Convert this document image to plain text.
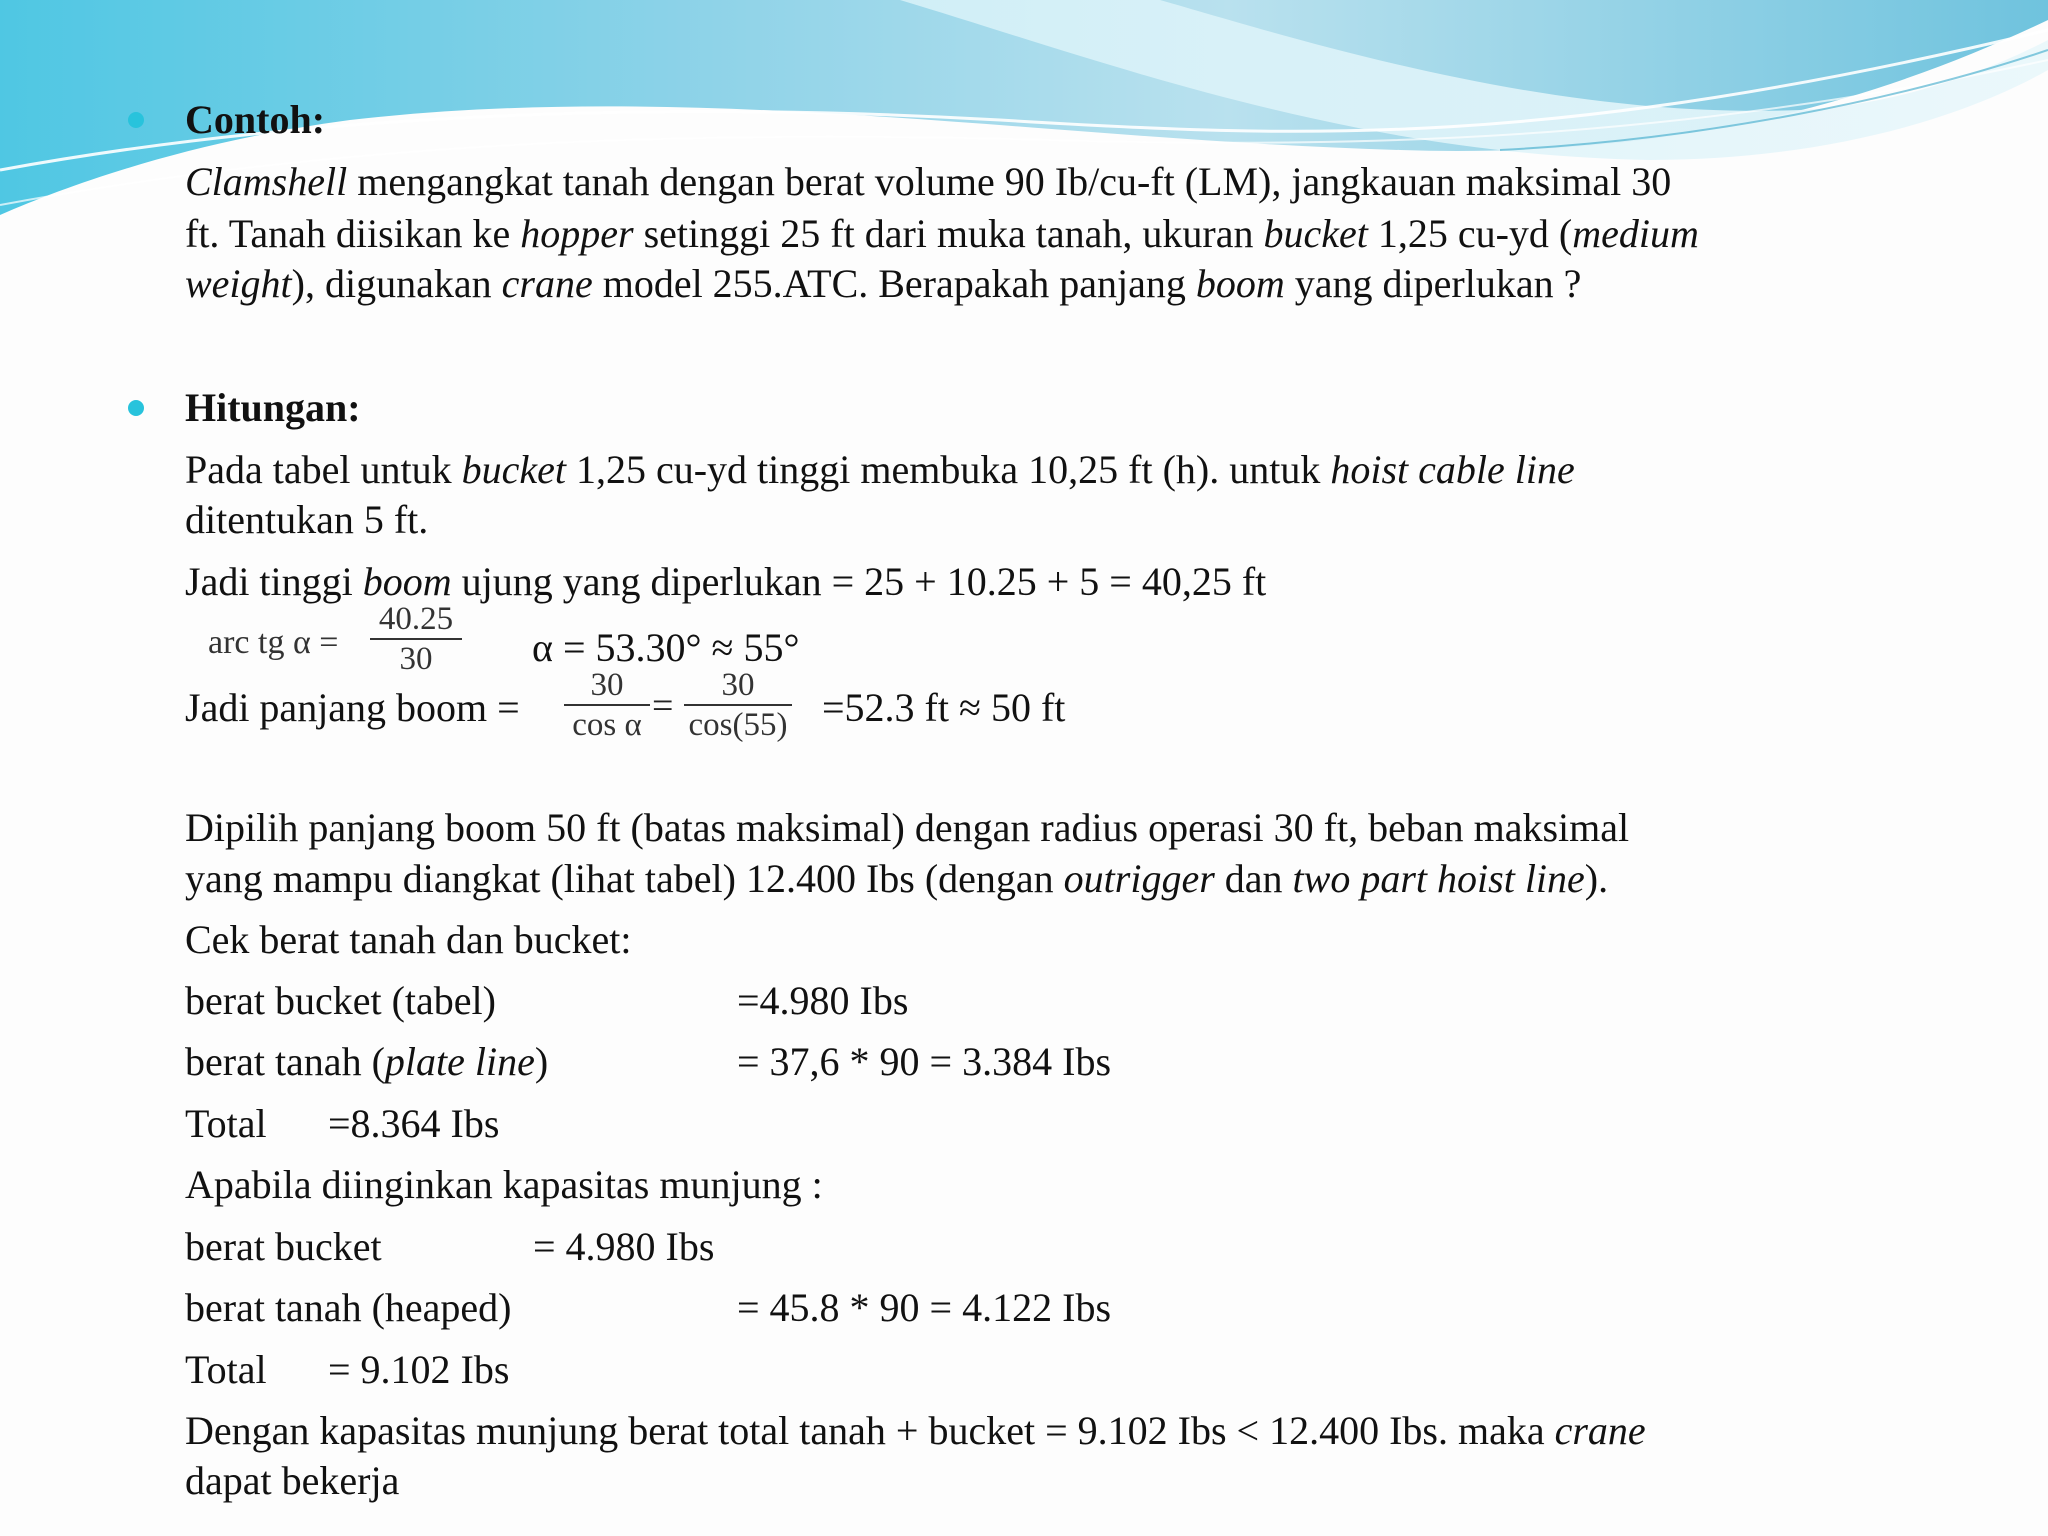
Contoh:
Clamshell mengangkat tanah dengan berat volume 90 Ib/cu-ft (LM), jangkauan maksimal 30
ft. Tanah diisikan ke hopper setinggi 25 ft dari muka tanah, ukuran bucket 1,25 cu-yd (medium
weight), digunakan crane model 255.ATC. Berapakah panjang boom yang diperlukan ?
Hitungan:
Pada tabel untuk bucket 1,25 cu-yd tinggi membuka 10,25 ft (h). untuk hoist cable line
ditentukan 5 ft.
Jadi tinggi boom ujung yang diperlukan = 25 + 10.25 + 5 = 40,25 ft
arc tg $\alpha = \frac{40.25}{30}$ α = 53.30° ≈ 55°
Jadi panjang boom = $\frac{30}{\text{cos α}} = \frac{30}{\cos(55)} =52.3$ ft ≈ 50 ft
Dipilih panjang boom 50 ft (batas maksimal) dengan radius operasi 30 ft, beban maksimal
yang mampu diangkat (lihat tabel) 12.400 Ibs (dengan outrigger dan two part hoist line).
Cek berat tanah dan bucket:
berat bucket (tabel)	=4.980 Ibs
berat tanah (plate line)	= 37,6 * 90 = 3.384 Ibs
Total =8.364 Ibs
Apabila diinginkan kapasitas munjung :
berat bucket	= 4.980 Ibs
berat tanah (heaped)	= 45.8 * 90 = 4.122 Ibs
Total = 9.102 Ibs
Dengan kapasitas munjung berat total tanah + bucket = 9.102 Ibs < 12.400 Ibs. maka crane
dapat bekerja
